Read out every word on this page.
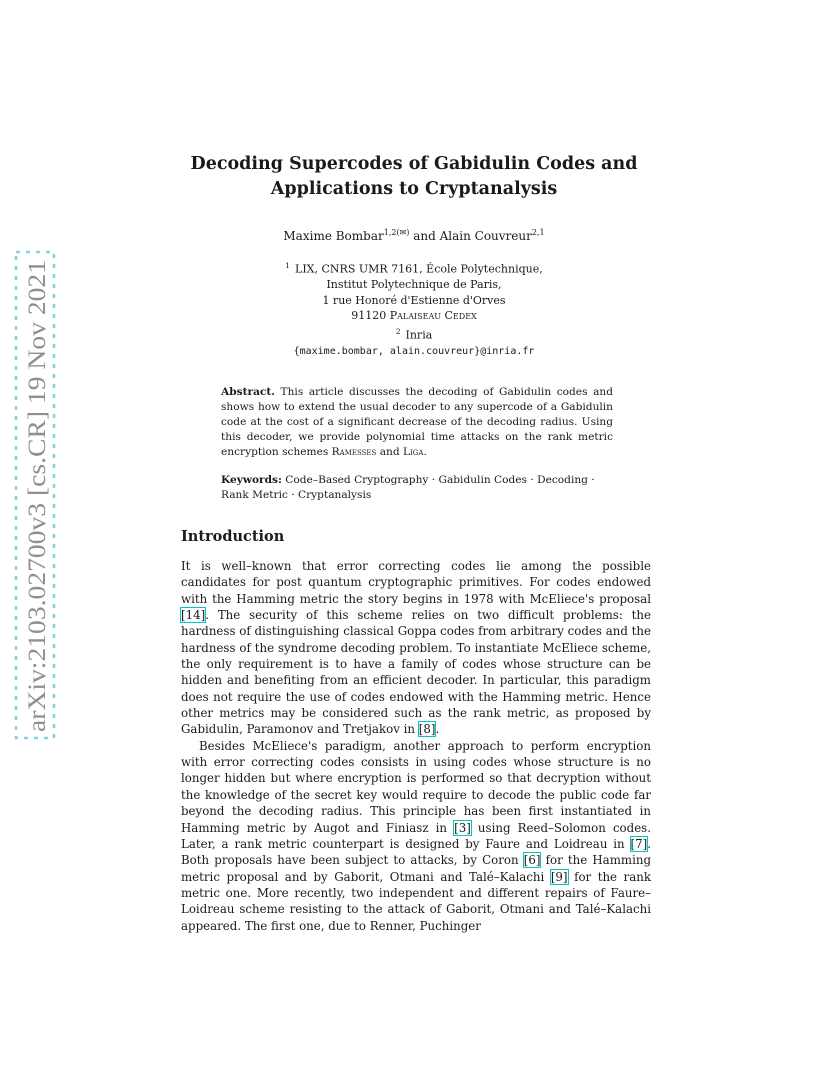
arXiv:2103.02700v3 [cs.CR] 19 Nov 2021
Decoding Supercodes of Gabidulin Codes and
Applications to Cryptanalysis
Maxime Bombar$^{1,2(✉)}$ and Alain Couvreur$^{2,1}$
$^1$ LIX, CNRS UMR 7161, École Polytechnique,
Institut Polytechnique de Paris,
1 rue Honoré d'Estienne d'Orves
91120 Palaiseau Cedex
$^2$ Inria
{maxime.bombar, alain.couvreur}@inria.fr
Abstract. This article discusses the decoding of Gabidulin codes and shows how to extend the usual decoder to any supercode of a Gabidulin code at the cost of a significant decrease of the decoding radius. Using this decoder, we provide polynomial time attacks on the rank metric encryption schemes Ramesses and Liga.
Keywords: Code–Based Cryptography · Gabidulin Codes · Decoding · Rank Metric · Cryptanalysis
Introduction

It is well–known that error correcting codes lie among the possible candidates for post quantum cryptographic primitives. For codes endowed with the Hamming metric the story begins in 1978 with McEliece's proposal [14]. The security of this scheme relies on two difficult problems: the hardness of distinguishing classical Goppa codes from arbitrary codes and the hardness of the syndrome decoding problem. To instantiate McEliece scheme, the only requirement is to have a family of codes whose structure can be hidden and benefiting from an efficient decoder. In particular, this paradigm does not require the use of codes endowed with the Hamming metric. Hence other metrics may be considered such as the rank metric, as proposed by Gabidulin, Paramonov and Tretjakov in [8].

Besides McEliece's paradigm, another approach to perform encryption with error correcting codes consists in using codes whose structure is no longer hidden but where encryption is performed so that decryption without the knowledge of the secret key would require to decode the public code far beyond the decoding radius. This principle has been first instantiated in Hamming metric by Augot and Finiasz in [3] using Reed–Solomon codes. Later, a rank metric counterpart is designed by Faure and Loidreau in [7]. Both proposals have been subject to attacks, by Coron [6] for the Hamming metric proposal and by Gaborit, Otmani and Talé–Kalachi [9] for the rank metric one. More recently, two independent and different repairs of Faure–Loidreau scheme resisting to the attack of Gaborit, Otmani and Talé–Kalachi appeared. The first one, due to Renner, Puchinger
